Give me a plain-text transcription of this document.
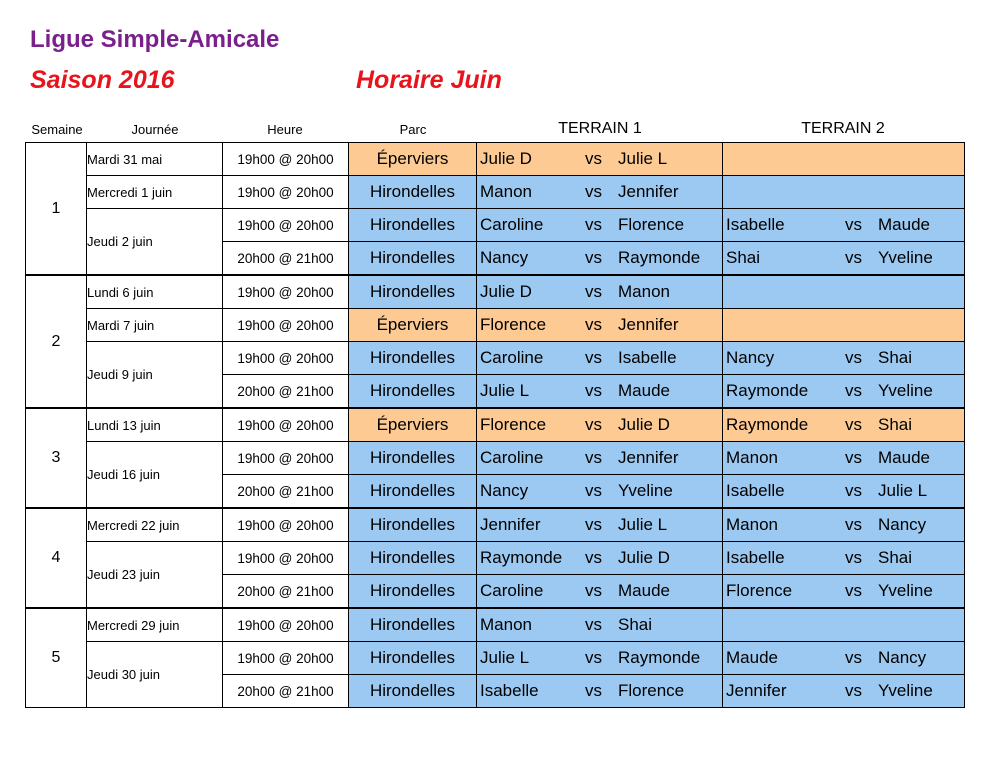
Ligue Simple-Amicale
Saison 2016	Horaire Juin
Semaine	Journée	Heure	Parc	TERRAIN 1	TERRAIN 2
1	Mardi 31 mai	19h00 @ 20h00	Éperviers	Julie D vs Julie L	

	Mercredi 1 juin	19h00 @ 20h00	Hirondelles	Manon vs Jennifer	

	Jeudi 2 juin	19h00 @ 20h00	Hirondelles	Caroline vs Florence	Isabelle vs Maude

		20h00 @ 21h00	Hirondelles	Nancy vs Raymonde	Shai vs Yveline

2	Lundi 6 juin	19h00 @ 20h00	Hirondelles	Julie D vs Manon	

	Mardi 7 juin	19h00 @ 20h00	Éperviers	Florence vs Jennifer	

	Jeudi 9 juin	19h00 @ 20h00	Hirondelles	Caroline vs Isabelle	Nancy vs Shai

		20h00 @ 21h00	Hirondelles	Julie L vs Maude	Raymonde vs Yveline

3	Lundi 13 juin	19h00 @ 20h00	Éperviers	Florence vs Julie D	Raymonde vs Shai

	Jeudi 16 juin	19h00 @ 20h00	Hirondelles	Caroline vs Jennifer	Manon vs Maude

		20h00 @ 21h00	Hirondelles	Nancy vs Yveline	Isabelle vs Julie L

4	Mercredi 22 juin	19h00 @ 20h00	Hirondelles	Jennifer vs Julie L	Manon vs Nancy

	Jeudi 23 juin	19h00 @ 20h00	Hirondelles	Raymonde vs Julie D	Isabelle vs Shai

		20h00 @ 21h00	Hirondelles	Caroline vs Maude	Florence vs Yveline

5	Mercredi 29 juin	19h00 @ 20h00	Hirondelles	Manon vs Shai	

	Jeudi 30 juin	19h00 @ 20h00	Hirondelles	Julie L vs Raymonde	Maude vs Nancy

		20h00 @ 21h00	Hirondelles	Isabelle vs Florence	Jennifer vs Yveline
